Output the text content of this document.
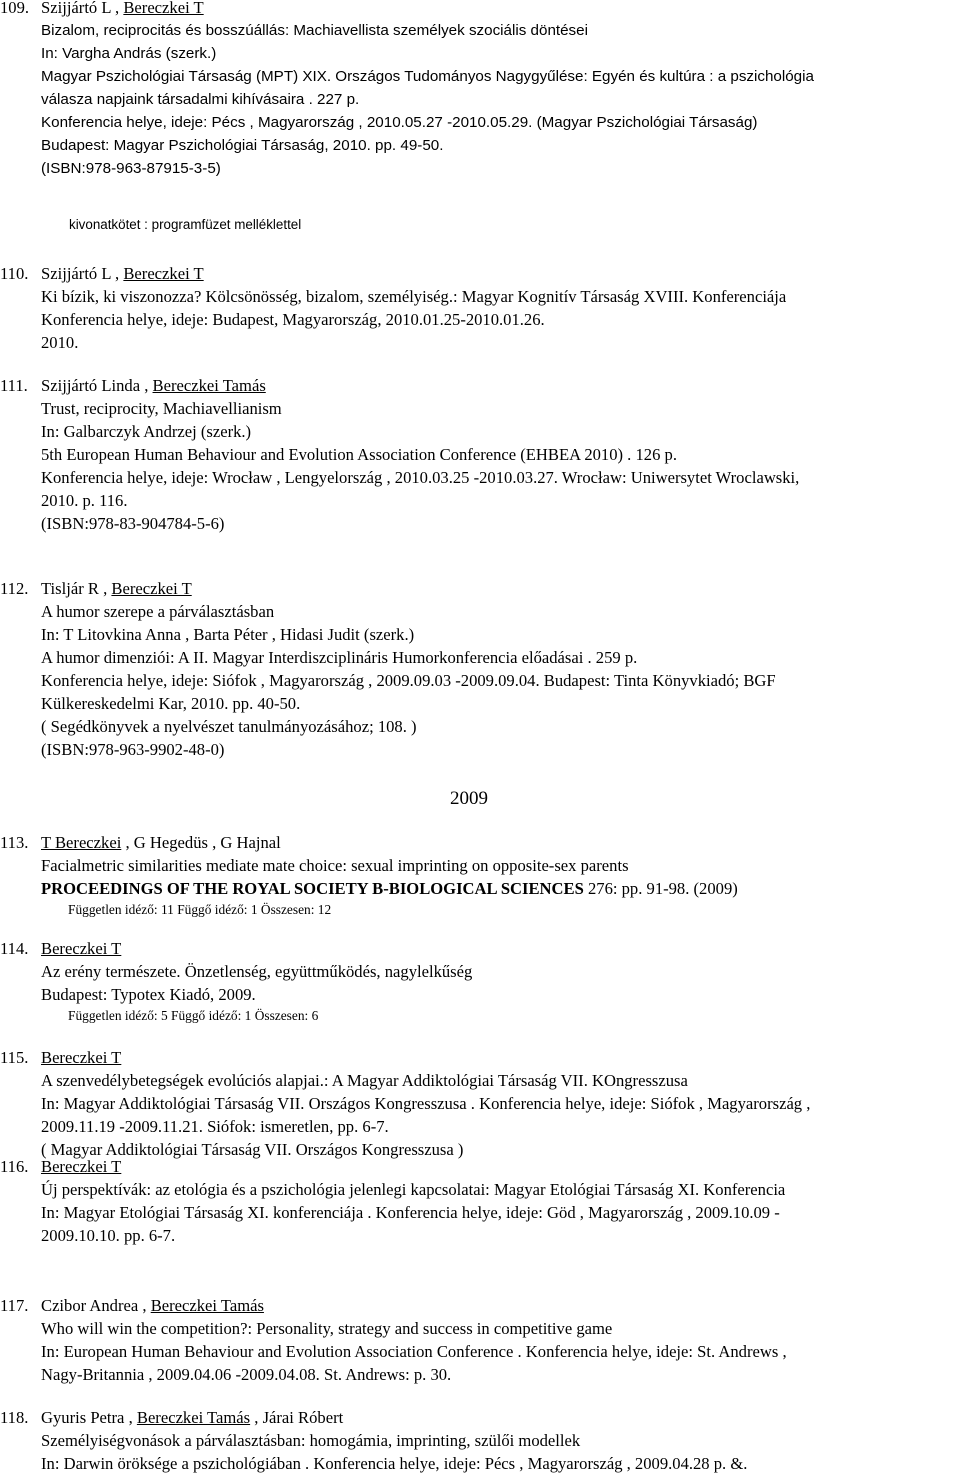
109. Szijjártó L , Bereczkei T
Bizalom, reciprocitás és bosszúállás: Machiavellista személyek szociális döntései
In: Vargha András (szerk.)
Magyar Pszichológiai Társaság (MPT) XIX. Országos Tudományos Nagygyűlése: Egyén és kultúra : a pszichológia
válasza napjaink társadalmi kihívásaira . 227 p.
Konferencia helye, ideje: Pécs , Magyarország , 2010.05.27 -2010.05.29. (Magyar Pszichológiai Társaság)
Budapest: Magyar Pszichológiai Társaság, 2010. pp. 49-50.
(ISBN:978-963-87915-3-5)
kivonatkötet : programfüzet melléklettel
110. Szijjártó L , Bereczkei T
Ki bízik, ki viszonozza? Kölcsönösség, bizalom, személyiség.: Magyar Kognitív Társaság XVIII. Konferenciája
Konferencia helye, ideje: Budapest, Magyarország, 2010.01.25-2010.01.26.
2010.
111. Szijjártó Linda , Bereczkei Tamás
Trust, reciprocity, Machiavellianism
In: Galbarczyk Andrzej (szerk.)
5th European Human Behaviour and Evolution Association Conference (EHBEA 2010) . 126 p.
Konferencia helye, ideje: Wrocław , Lengyelország , 2010.03.25 -2010.03.27. Wrocław: Uniwersytet Wroclawski,
2010. p. 116.
(ISBN:978-83-904784-5-6)
112. Tisljár R , Bereczkei T
A humor szerepe a párválasztásban
In: T Litovkina Anna , Barta Péter , Hidasi Judit (szerk.)
A humor dimenziói: A II. Magyar Interdiszciplináris Humorkonferencia előadásai . 259 p.
Konferencia helye, ideje: Siófok , Magyarország , 2009.09.03 -2009.09.04. Budapest: Tinta Könyvkiadó; BGF
Külkereskedelmi Kar, 2010. pp. 40-50.
( Segédkönyvek a nyelvészet tanulmányozásához; 108. )
(ISBN:978-963-9902-48-0)
2009
113. T Bereczkei , G Hegedüs , G Hajnal
Facialmetric similarities mediate mate choice: sexual imprinting on opposite-sex parents
PROCEEDINGS OF THE ROYAL SOCIETY B-BIOLOGICAL SCIENCES 276: pp. 91-98. (2009)
Független idéző: 11 Függő idéző: 1 Összesen: 12
114. Bereczkei T
Az erény természete. Önzetlenség, együttműködés, nagylelkűség
Budapest: Typotex Kiadó, 2009.
Független idéző: 5 Függő idéző: 1 Összesen: 6
115. Bereczkei T
A szenvedélybetegségek evolúciós alapjai.: A Magyar Addiktológiai Társaság VII. KOngresszusa
In: Magyar Addiktológiai Társaság VII. Országos Kongresszusa . Konferencia helye, ideje: Siófok , Magyarország ,
2009.11.19 -2009.11.21. Siófok: ismeretlen, pp. 6-7.
( Magyar Addiktológiai Társaság VII. Országos Kongresszusa )
116. Bereczkei T
Új perspektívák: az etológia és a pszichológia jelenlegi kapcsolatai: Magyar Etológiai Társaság XI. Konferencia
In: Magyar Etológiai Társaság XI. konferenciája . Konferencia helye, ideje: Göd , Magyarország , 2009.10.09 -
2009.10.10. pp. 6-7.
117. Czibor Andrea , Bereczkei Tamás
Who will win the competition?: Personality, strategy and success in competitive game
In: European Human Behaviour and Evolution Association Conference . Konferencia helye, ideje: St. Andrews ,
Nagy-Britannia , 2009.04.06 -2009.04.08. St. Andrews: p. 30.
118. Gyuris Petra , Bereczkei Tamás , Járai Róbert
Személyiségvonások a párválasztásban: homogámia, imprinting, szülői modellek
In: Darwin öröksége a pszichológiában . Konferencia helye, ideje: Pécs , Magyarország , 2009.04.28 p. &.
